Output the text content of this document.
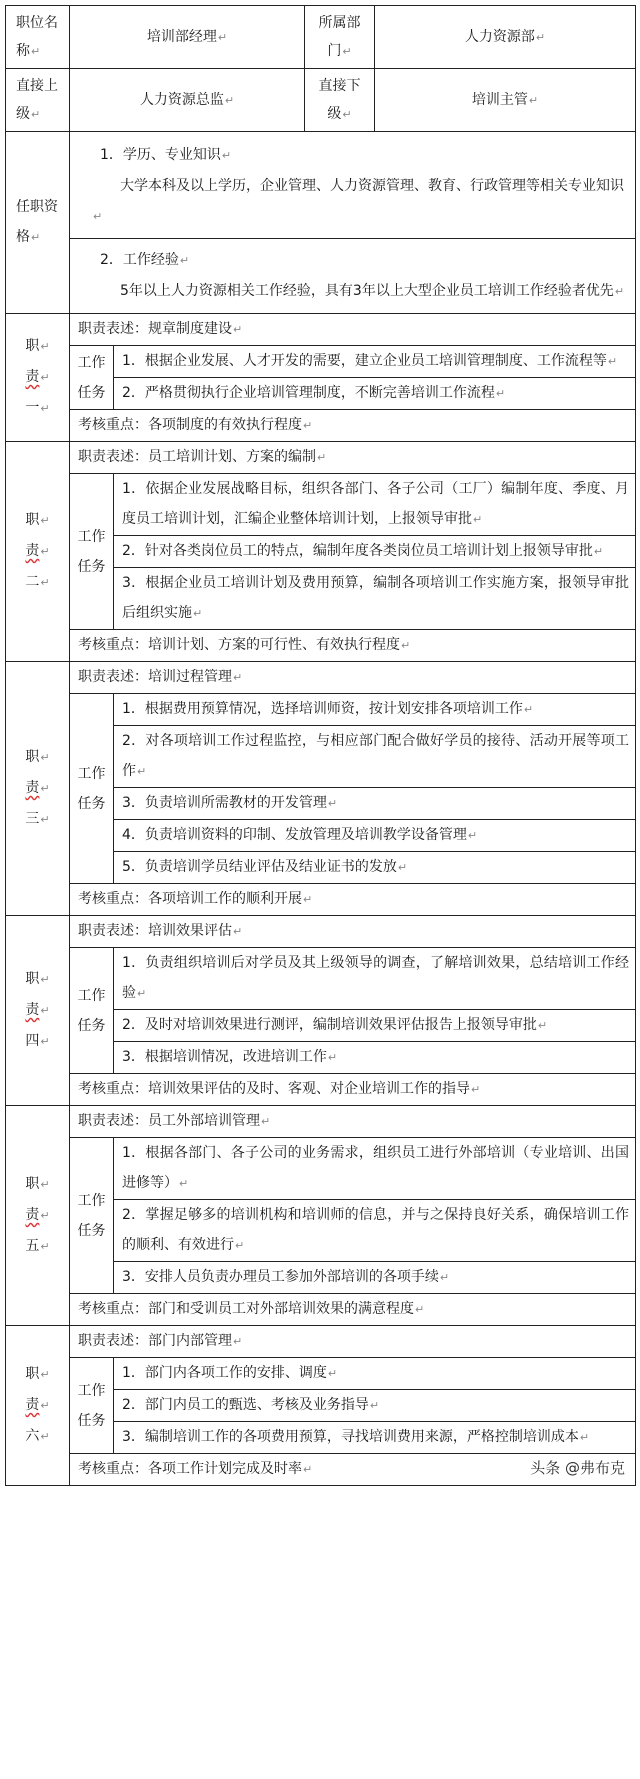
职位名称↵	培训部经理↵		所属部门↵	人力资源部↵
直接上级↵	人力资源总监↵		直接下级↵	培训主管↵
任职资格↵	1．学历、专业知识↵
大学本科及以上学历，企业管理、人力资源管理、教育、行政管理等相关专业知识↵			

	2．工作经验↵
5年以上人力资源相关工作经验，具有3年以上大型企业员工培训工作经验者优先↵			

职↵
责↵
一↵	职责表述：规章制度建设↵			

	工作任务	1．根据企业发展、人才开发的需要，建立企业员工培训管理制度、工作流程等↵		
		2．严格贯彻执行企业培训管理制度，不断完善培训工作流程↵		
	考核重点：各项制度的有效执行程度↵			

职↵
责↵
二↵	职责表述：员工培训计划、方案的编制↵			

	工作任务	1．依据企业发展战略目标，组织各部门、各子公司（工厂）编制年度、季度、月度员工培训计划，汇编企业整体培训计划，上报领导审批↵		
		2．针对各类岗位员工的特点，编制年度各类岗位员工培训计划上报领导审批↵		
		3．根据企业员工培训计划及费用预算，编制各项培训工作实施方案，报领导审批后组织实施↵		
	考核重点：培训计划、方案的可行性、有效执行程度↵			

职↵
责↵
三↵	职责表述：培训过程管理↵			

	工作任务	1．根据费用预算情况，选择培训师资，按计划安排各项培训工作↵		
		2．对各项培训工作过程监控，与相应部门配合做好学员的接待、活动开展等项工作↵		
		3．负责培训所需教材的开发管理↵		
		4．负责培训资料的印制、发放管理及培训教学设备管理↵		
		5．负责培训学员结业评估及结业证书的发放↵		
	考核重点：各项培训工作的顺利开展↵			

职↵
责↵
四↵	职责表述：培训效果评估↵			

	工作任务	1．负责组织培训后对学员及其上级领导的调查，了解培训效果，总结培训工作经验↵		
		2．及时对培训效果进行测评，编制培训效果评估报告上报领导审批↵		
		3．根据培训情况，改进培训工作↵		
	考核重点：培训效果评估的及时、客观、对企业培训工作的指导↵			

职↵
责↵
五↵	职责表述：员工外部培训管理↵			

	工作任务	1．根据各部门、各子公司的业务需求，组织员工进行外部培训（专业培训、出国进修等）↵		
		2．掌握足够多的培训机构和培训师的信息，并与之保持良好关系，确保培训工作的顺利、有效进行↵		
		3．安排人员负责办理员工参加外部培训的各项手续↵		
	考核重点：部门和受训员工对外部培训效果的满意程度↵			

职↵
责↵
六↵	职责表述：部门内部管理↵			

	工作任务	1．部门内各项工作的安排、调度↵		
		2．部门内员工的甄选、考核及业务指导↵		
		3．编制培训工作的各项费用预算，寻找培训费用来源，严格控制培训成本↵		
	考核重点：各项工作计划完成及时率↵				头条 @弗布克
